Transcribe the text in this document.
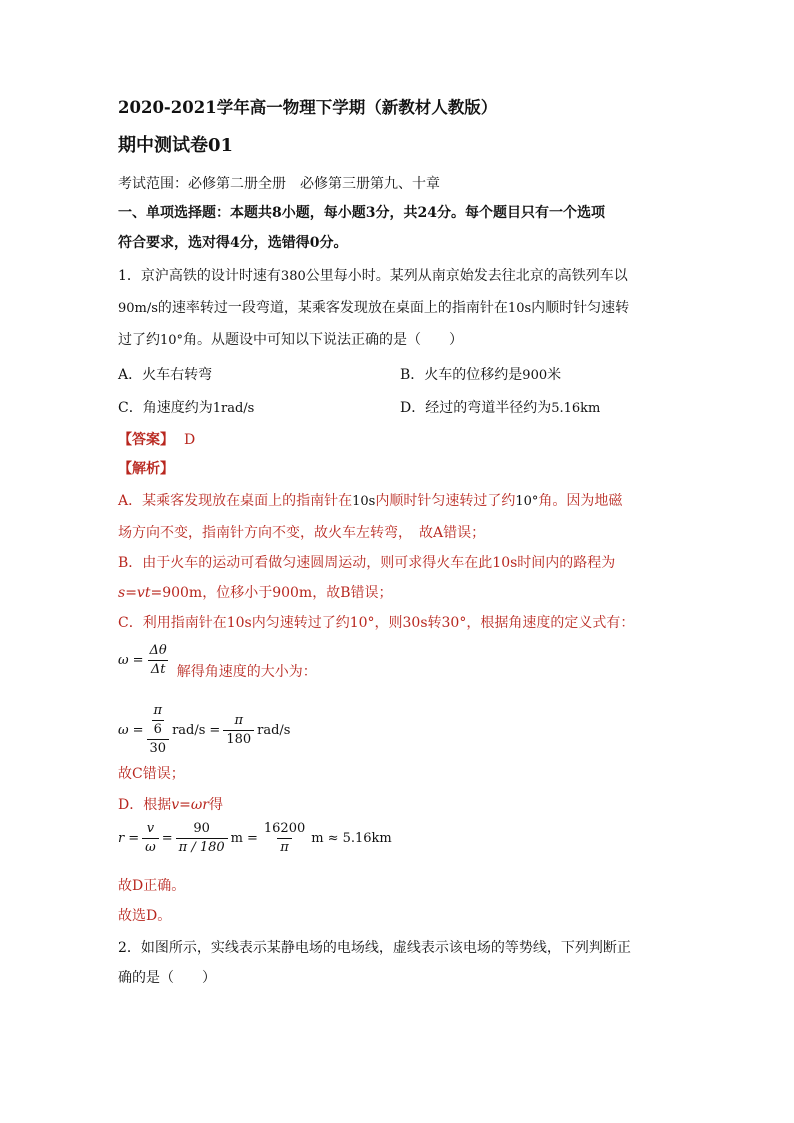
2020-2021学年高一物理下学期（新教材人教版）
期中测试卷01
考试范围：必修第二册全册　必修第三册第九、十章
一、单项选择题：本题共8小题，每小题3分，共24分。每个题目只有一个选项
符合要求，选对得4分，选错得0分。
1．京沪高铁的设计时速有380公里每小时。某列从南京始发去往北京的高铁列车以
90m/s的速率转过一段弯道，某乘客发现放在桌面上的指南针在10s内顺时针匀速转
过了约10°角。从题设中可知以下说法正确的是（　　）
A．火车右转弯	B．火车的位移约是900米
C．角速度约为1rad/s	D．经过的弯道半径约为5.16km
【答案】 D
【解析】
A．某乘客发现放在桌面上的指南针在10s内顺时针匀速转过了约10°角。因为地磁
场方向不变，指南针方向不变，故火车左转弯，　故A错误；
B．由于火车的运动可看做匀速圆周运动，则可求得火车在此10s时间内的路程为
s=vt=900m，位移小于900m，故B错误；
C．利用指南针在10s内匀速转过了约10°，则30s转30°，根据角速度的定义式有：
$\omega = \frac{\Delta\theta}{\Delta t}$ 解得角速度的大小为：
$\omega = \frac{\frac{\pi}{6}}{30} rad/s = \frac{\pi}{180} rad/s$
故C错误；
D．根据v=ωr得
$r = \frac{v}{\omega} = \frac{90}{\pi / 180}$ $m = \frac{16200}{\pi}$ m ≈ 5.16km
故D正确。
故选D。
2．如图所示，实线表示某静电场的电场线，虚线表示该电场的等势线，下列判断正
确的是（　　）
